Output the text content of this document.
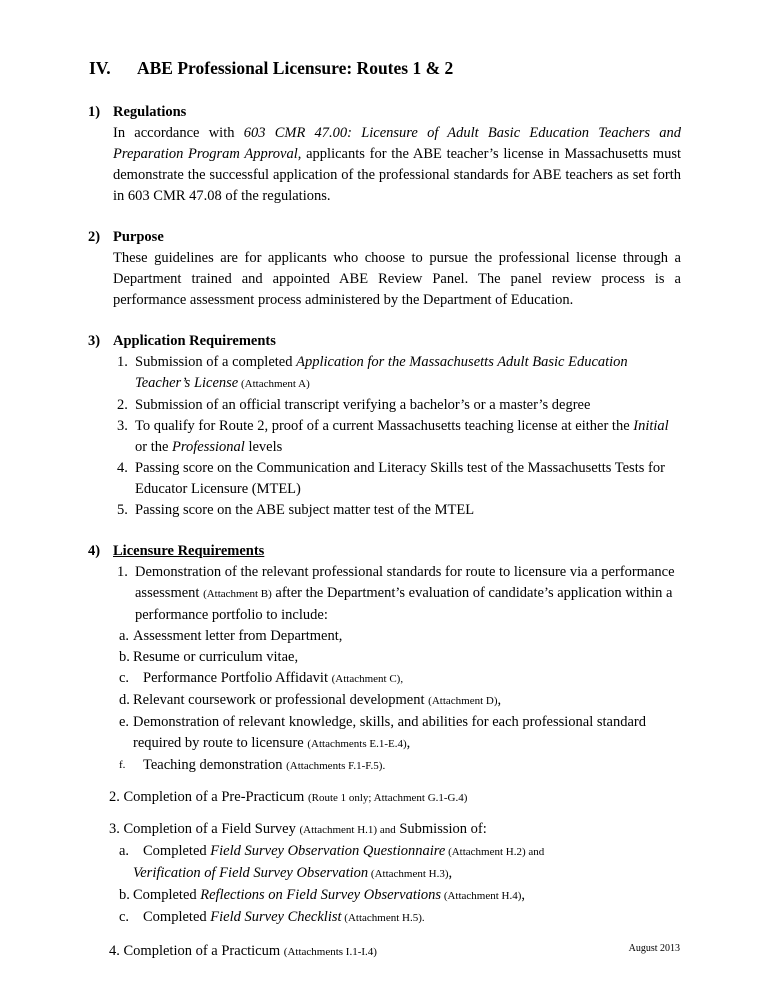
IV. ABE Professional Licensure: Routes 1 & 2
1) Regulations

In accordance with 603 CMR 47.00: Licensure of Adult Basic Education Teachers and Preparation Program Approval, applicants for the ABE teacher’s license in Massachusetts must demonstrate the successful application of the professional standards for ABE teachers as set forth in 603 CMR 47.08 of the regulations.

2) Purpose

These guidelines are for applicants who choose to pursue the professional license through a Department trained and appointed ABE Review Panel. The panel review process is a performance assessment process administered by the Department of Education.

3) Application Requirements
1. Submission of a completed Application for the Massachusetts Adult Basic Education Teacher’s License (Attachment A)
2. Submission of an official transcript verifying a bachelor’s or a master’s degree
3. To qualify for Route 2, proof of a current Massachusetts teaching license at either the Initial or the Professional levels
4. Passing score on the Communication and Literacy Skills test of the Massachusetts Tests for Educator Licensure (MTEL)
5. Passing score on the ABE subject matter test of the MTEL
4) Licensure Requirements
1. Demonstration of the relevant professional standards for route to licensure via a performance assessment (Attachment B) after the Department’s evaluation of candidate’s application within a performance portfolio to include:
a. Assessment letter from Department,
b. Resume or curriculum vitae,
c. Performance Portfolio Affidavit (Attachment C),
d. Relevant coursework or professional development (Attachment D),
e. Demonstration of relevant knowledge, skills, and abilities for each professional standard required by route to licensure (Attachments E.1-E.4),
f. Teaching demonstration (Attachments F.1-F.5).
2. Completion of a Pre-Practicum (Route 1 only; Attachment G.1-G.4)
3. Completion of a Field Survey (Attachment H.1) and Submission of:
a. Completed Field Survey Observation Questionnaire (Attachment H.2) and
Verification of Field Survey Observation (Attachment H.3),
b. Completed Reflections on Field Survey Observations (Attachment H.4),
c. Completed Field Survey Checklist (Attachment H.5).
4. Completion of a Practicum (Attachments I.1-I.4)	August 2013
